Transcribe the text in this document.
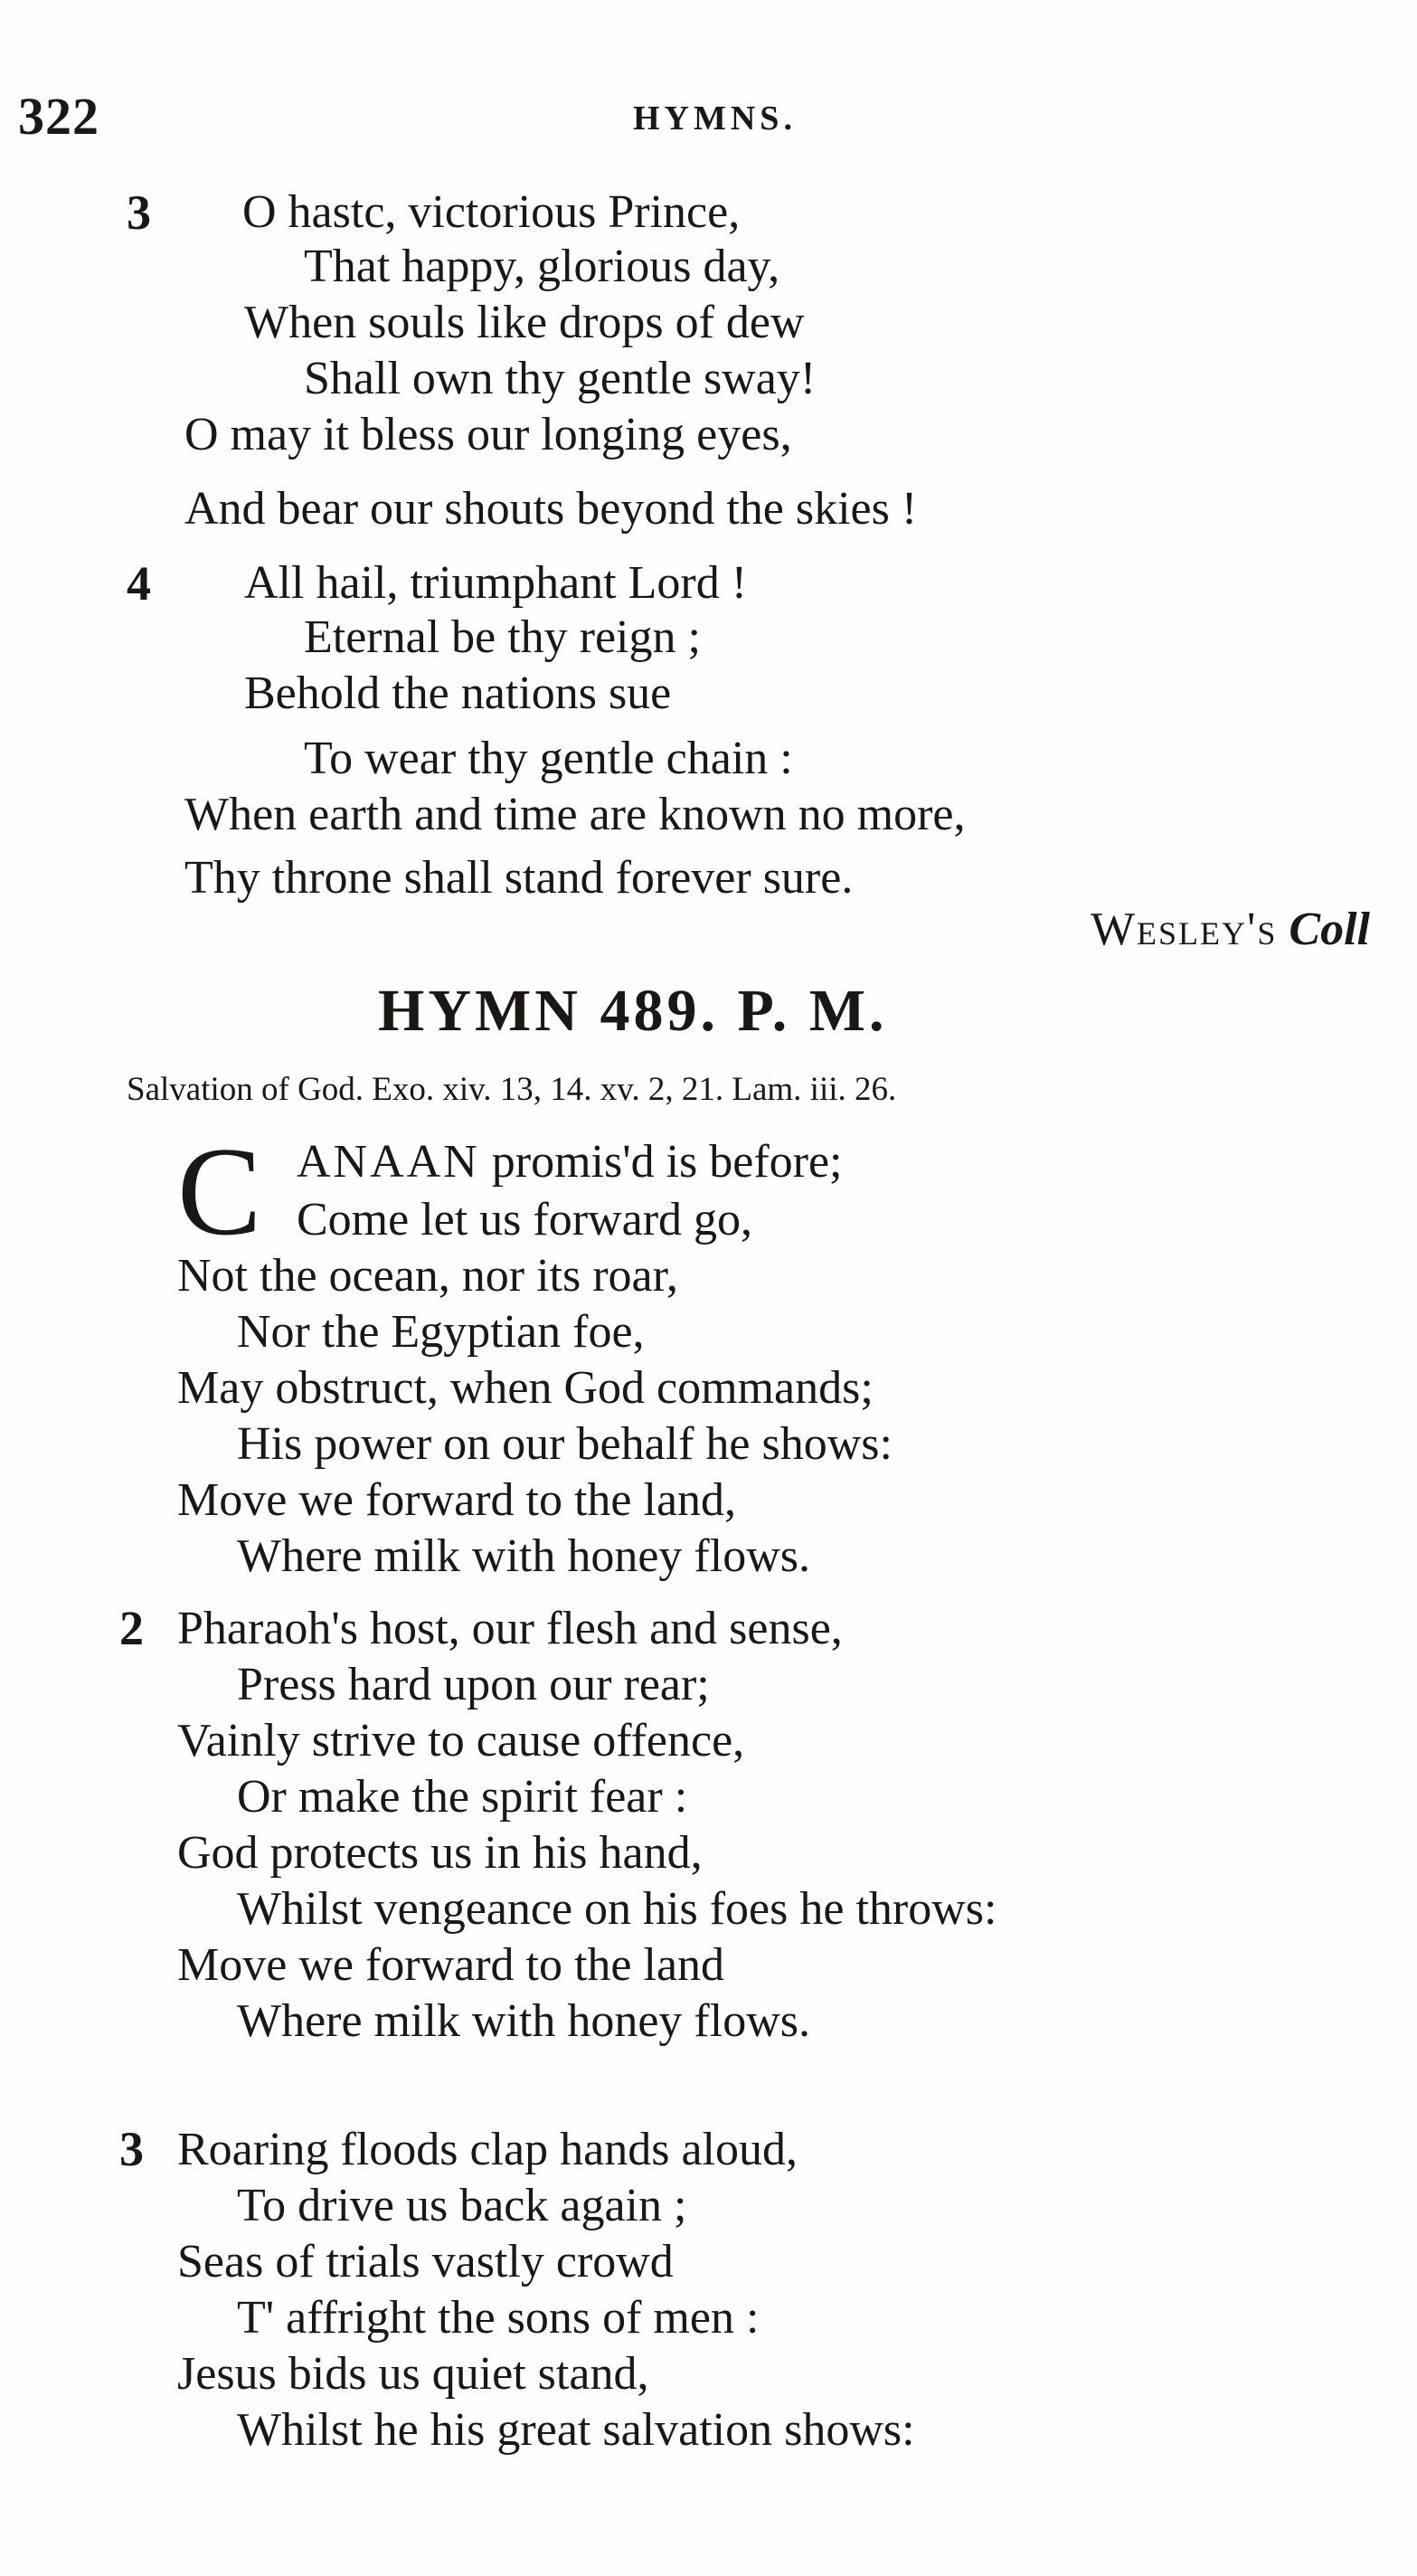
322	HYMNS.
3 O hastc, victorious Prince,
That happy, glorious day,
When souls like drops of dew
Shall own thy gentle sway!
O may it bless our longing eyes,
And bear our shouts beyond the skies !
4 All hail, triumphant Lord !
Eternal be thy reign ;
Behold the nations sue
To wear thy gentle chain :
When earth and time are known no more,
Thy throne shall stand forever sure.
Wesley's Coll
HYMN 489. P. M.
Salvation of God. Exo. xiv. 13, 14. xv. 2, 21. Lam. iii. 26.
C ANAAN promis'd is before;
Come let us forward go,
Not the ocean, nor its roar,
Nor the Egyptian foe,
May obstruct, when God commands;
His power on our behalf he shows:
Move we forward to the land,
Where milk with honey flows.
2 Pharaoh's host, our flesh and sense,
Press hard upon our rear;
Vainly strive to cause offence,
Or make the spirit fear :
God protects us in his hand,
Whilst vengeance on his foes he throws:
Move we forward to the land
Where milk with honey flows.
3 Roaring floods clap hands aloud,
To drive us back again ;
Seas of trials vastly crowd
T' affright the sons of men :
Jesus bids us quiet stand,
Whilst he his great salvation shows:
